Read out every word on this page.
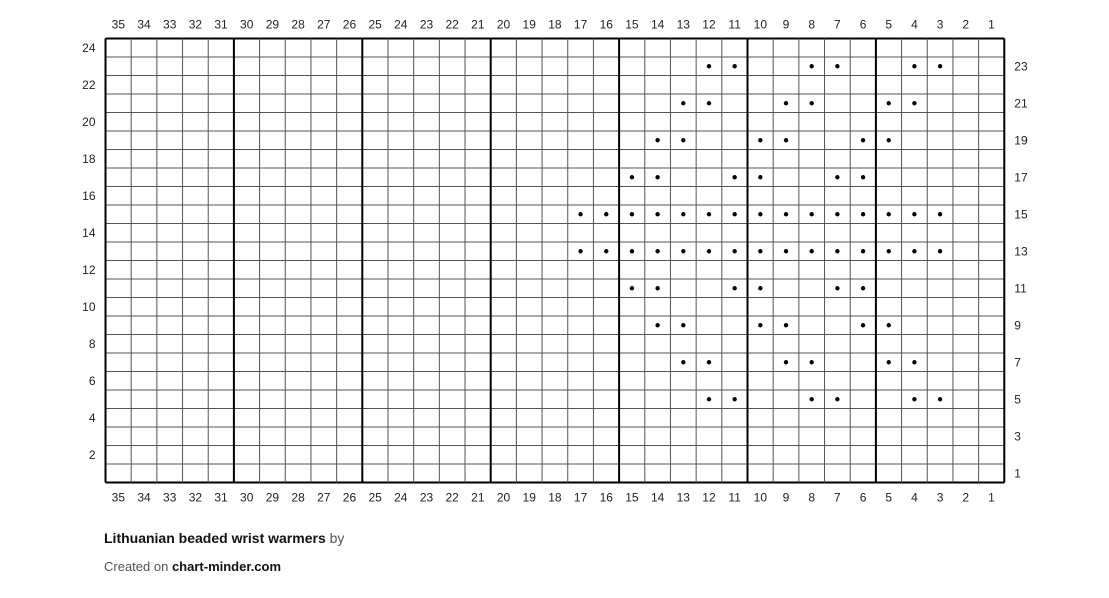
35 34 33 32 31 30 29 28 27 26 25 24 23 22 21 20 19 18 17 16 15 14 13 12 11 10 9 8 7 6 5 4 3 2 1
35 34 33 32 31 30 29 28 27 26 25 24 23 22 21 20 19 18 17 16 15 14 13 12 11 10 9 8 7 6 5 4 3 2 1
24
22
20
18
16
14
12
10
8
6
4
2
23
21
19
17
15
13
11
9
7
5
3
1
Lithuanian beaded wrist warmers by
Created on chart-minder.com
